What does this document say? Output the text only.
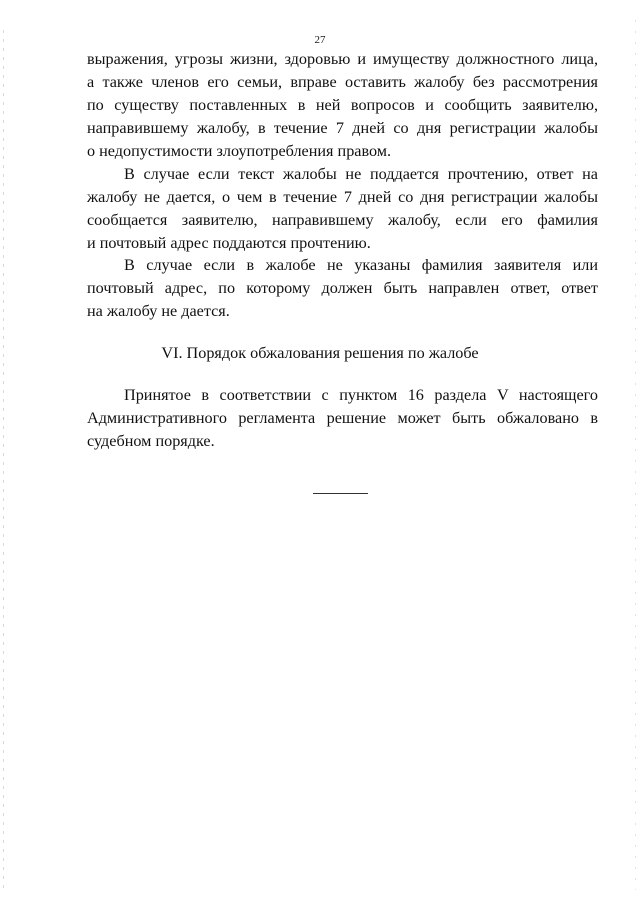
27
выражения, угрозы жизни, здоровью и имуществу должностного лица,
а также членов его семьи, вправе оставить жалобу без рассмотрения
по существу поставленных в ней вопросов и сообщить заявителю,
направившему жалобу, в течение 7 дней со дня регистрации жалобы
о недопустимости злоупотребления правом.
В случае если текст жалобы не поддается прочтению, ответ на
жалобу не дается, о чем в течение 7 дней со дня регистрации жалобы
сообщается заявителю, направившему жалобу, если его фамилия
и почтовый адрес поддаются прочтению.
В случае если в жалобе не указаны фамилия заявителя или
почтовый адрес, по которому должен быть направлен ответ, ответ
на жалобу не дается.
VI. Порядок обжалования решения по жалобе
Принятое в соответствии с пунктом 16 раздела V настоящего
Административного регламента решение может быть обжаловано в
судебном порядке.
